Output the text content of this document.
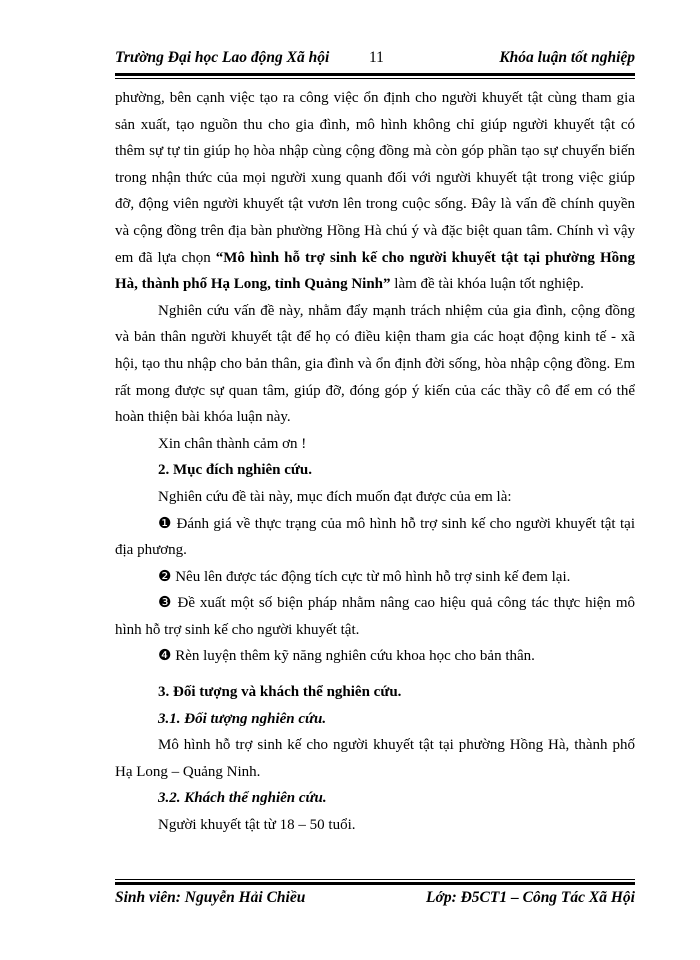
Trường Đại học Lao động Xã hội	11	Khóa luận tốt nghiệp

phường, bên cạnh việc tạo ra công việc ổn định cho người khuyết tật cùng tham gia sản xuất, tạo nguồn thu cho gia đình, mô hình không chỉ giúp người khuyết tật có thêm sự tự tin giúp họ hòa nhập cùng cộng đồng mà còn góp phần tạo sự chuyển biến trong nhận thức của mọi người xung quanh đối với người khuyết tật trong việc giúp đỡ, động viên người khuyết tật vươn lên trong cuộc sống. Đây là vấn đề chính quyền và cộng đồng trên địa bàn phường Hồng Hà chú ý và đặc biệt quan tâm. Chính vì vậy em đã lựa chọn “Mô hình hỗ trợ sinh kế cho người khuyết tật tại phường Hồng Hà, thành phố Hạ Long, tỉnh Quảng Ninh” làm đề tài khóa luận tốt nghiệp.

Nghiên cứu vấn đề này, nhằm đẩy mạnh trách nhiệm của gia đình, cộng đồng và bản thân người khuyết tật để họ có điều kiện tham gia các hoạt động kinh tế - xã hội, tạo thu nhập cho bản thân, gia đình và ổn định đời sống, hòa nhập cộng đồng. Em rất mong được sự quan tâm, giúp đỡ, đóng góp ý kiến của các thầy cô để em có thể hoàn thiện bài khóa luận này.

Xin chân thành cảm ơn !

2. Mục đích nghiên cứu.

Nghiên cứu đề tài này, mục đích muốn đạt được của em là:

❶ Đánh giá về thực trạng của mô hình hỗ trợ sinh kế cho người khuyết tật tại địa phương.

❷ Nêu lên được tác động tích cực từ mô hình hỗ trợ sinh kế đem lại.

❸ Đề xuất một số biện pháp nhằm nâng cao hiệu quả công tác thực hiện mô hình hỗ trợ sinh kế cho người khuyết tật.

❹ Rèn luyện thêm kỹ năng nghiên cứu khoa học cho bản thân.

3. Đối tượng và khách thể nghiên cứu.

3.1. Đối tượng nghiên cứu.

Mô hình hỗ trợ sinh kế cho người khuyết tật tại phường Hồng Hà, thành phố Hạ Long – Quảng Ninh.

3.2. Khách thể nghiên cứu.

Người khuyết tật từ 18 – 50 tuổi.

Sinh viên: Nguyễn Hải Chiều	Lớp: Đ5CT1 – Công Tác Xã Hội
